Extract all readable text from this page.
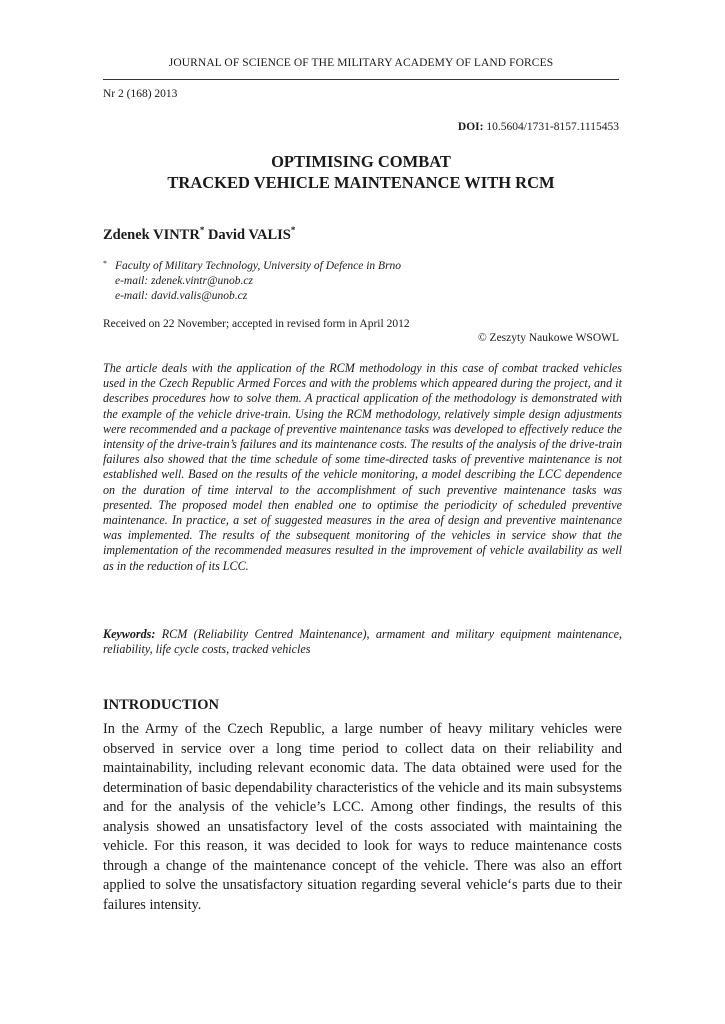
JOURNAL OF SCIENCE OF THE MILITARY ACADEMY OF LAND FORCES
Nr 2 (168) 2013
DOI: 10.5604/1731-8157.1115453
OPTIMISING COMBAT
TRACKED VEHICLE MAINTENANCE WITH RCM
Zdenek VINTR* David VALIS*
* Faculty of Military Technology, University of Defence in Brno
e-mail: zdenek.vintr@unob.cz
e-mail: david.valis@unob.cz
Received on 22 November; accepted in revised form in April 2012
© Zeszyty Naukowe WSOWL
The article deals with the application of the RCM methodology in this case of combat tracked vehicles used in the Czech Republic Armed Forces and with the problems which appeared during the project, and it describes procedures how to solve them. A practical application of the methodology is demonstrated with the example of the vehicle drive-train. Using the RCM methodology, relatively simple design adjustments were recommended and a package of preventive maintenance tasks was developed to effectively reduce the intensity of the drive-train’s failures and its maintenance costs. The results of the analysis of the drive-train failures also showed that the time schedule of some time-directed tasks of preventive maintenance is not established well. Based on the results of the vehicle monitoring, a model describing the LCC dependence on the duration of time interval to the accomplishment of such preventive maintenance tasks was presented. The proposed model then enabled one to optimise the periodicity of scheduled preventive maintenance. In practice, a set of suggested measures in the area of design and preventive maintenance was implemented. The results of the subsequent monitoring of the vehicles in service show that the implementation of the recommended measures resulted in the improvement of vehicle availability as well as in the reduction of its LCC.
Keywords: RCM (Reliability Centred Maintenance), armament and military equipment maintenance, reliability, life cycle costs, tracked vehicles
INTRODUCTION
In the Army of the Czech Republic, a large number of heavy military vehicles were observed in service over a long time period to collect data on their reliability and maintainability, including relevant economic data. The data obtained were used for the determination of basic dependability characteristics of the vehicle and its main subsystems and for the analysis of the vehicle’s LCC. Among other findings, the results of this analysis showed an unsatisfactory level of the costs associated with maintaining the vehicle. For this reason, it was decided to look for ways to reduce maintenance costs through a change of the maintenance concept of the vehicle. There was also an effort applied to solve the unsatisfactory situation regarding several vehicle‘s parts due to their failures intensity.
